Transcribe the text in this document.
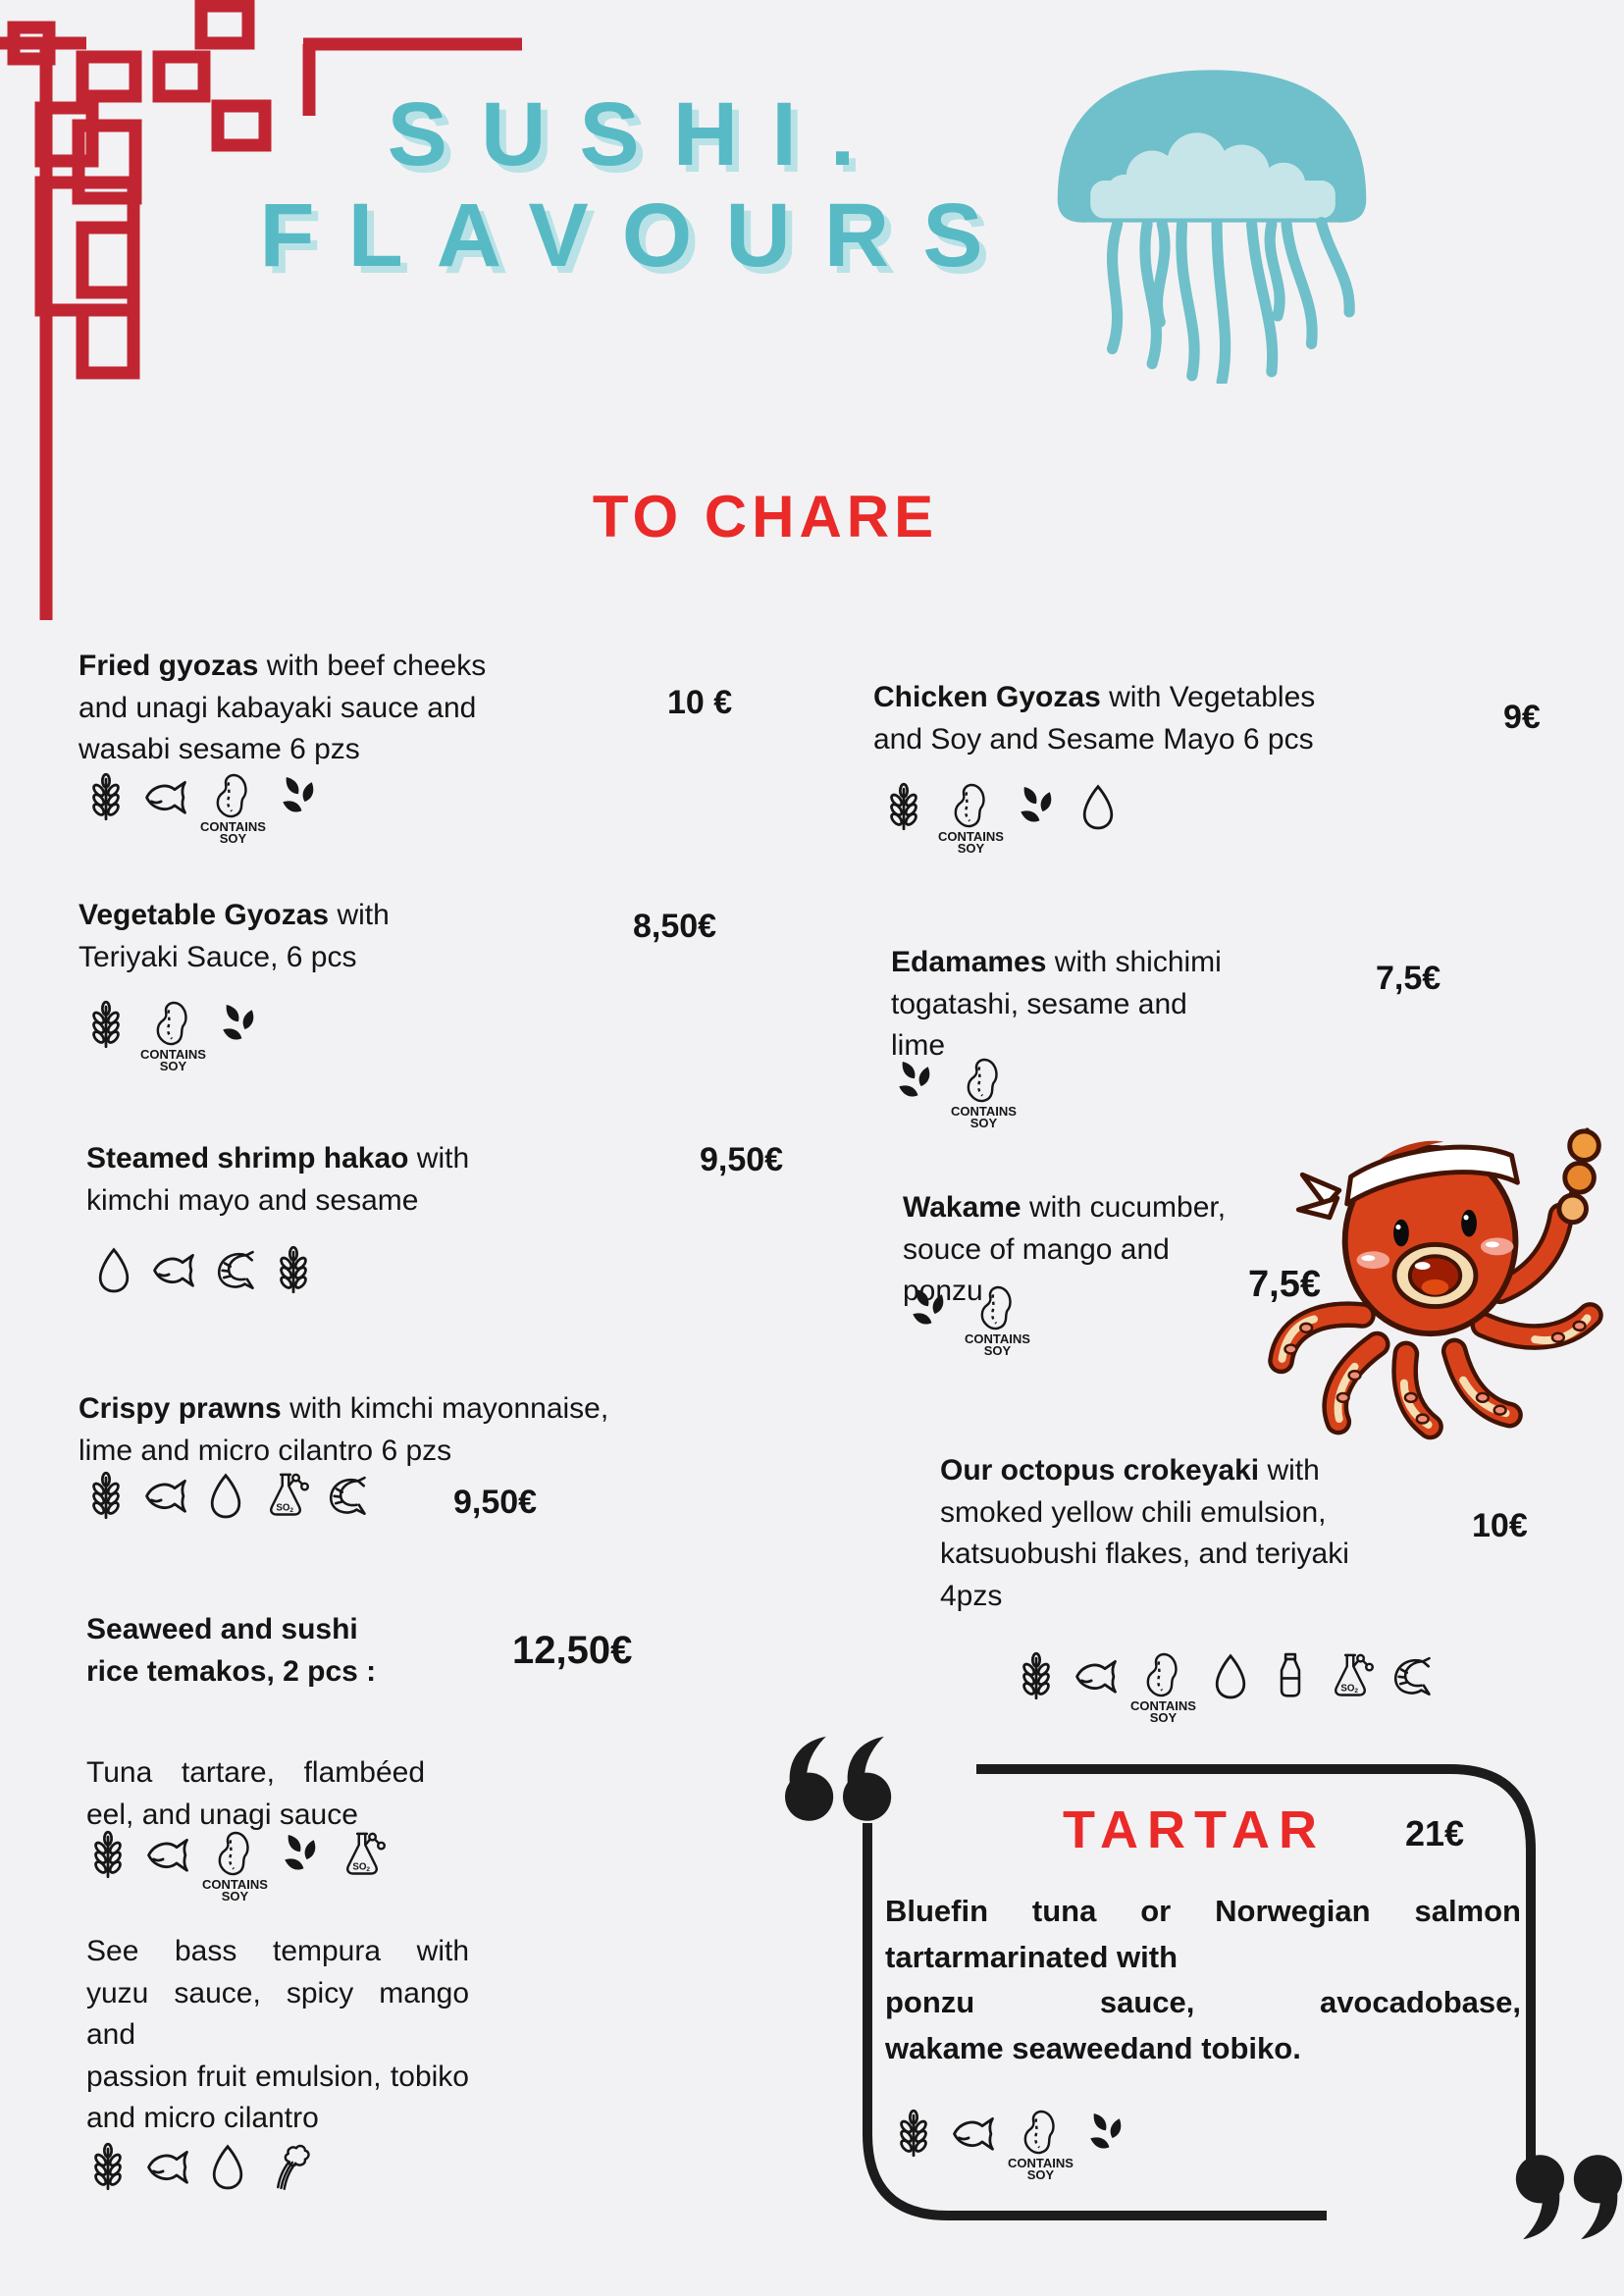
SUSHI.
FLAVOURS
TO CHARE
Fried gyozas with beef cheeks and unagi kabayaki sauce and wasabi sesame 6 pzs
10 €
CONTAINS
SOY
Vegetable Gyozas with Teriyaki Sauce, 6 pcs
8,50€
CONTAINS
SOY
Steamed shrimp hakao with kimchi mayo and sesame
9,50€
Crispy prawns with kimchi mayonnaise, lime and micro cilantro 6 pzs
9,50€
Seaweed and sushi
rice temakos, 2 pcs :	12,50€
Tuna tartare, flambéed
eel, and unagi sauce
CONTAINS
SOY
See bass tempura with
yuzu sauce, spicy mango and
passion fruit emulsion, tobiko
and micro cilantro
Chicken Gyozas with Vegetables and Soy and Sesame Mayo 6 pcs
9€
CONTAINS
SOY
Edamames with shichimi togatashi, sesame and lime
7,5€
CONTAINS
SOY
Wakame with cucumber, souce of mango and ponzu	7,5€
CONTAINS
SOY
Our octopus crokeyaki with smoked yellow chili emulsion, katsuobushi flakes, and teriyaki 4pzs
10€
CONTAINS
SOY
TARTAR	21€
Bluefin tuna or Norwegian salmon
tartarmarinated with
ponzu sauce, avocadobase,
wakame seaweedand tobiko.
CONTAINS
SOY
